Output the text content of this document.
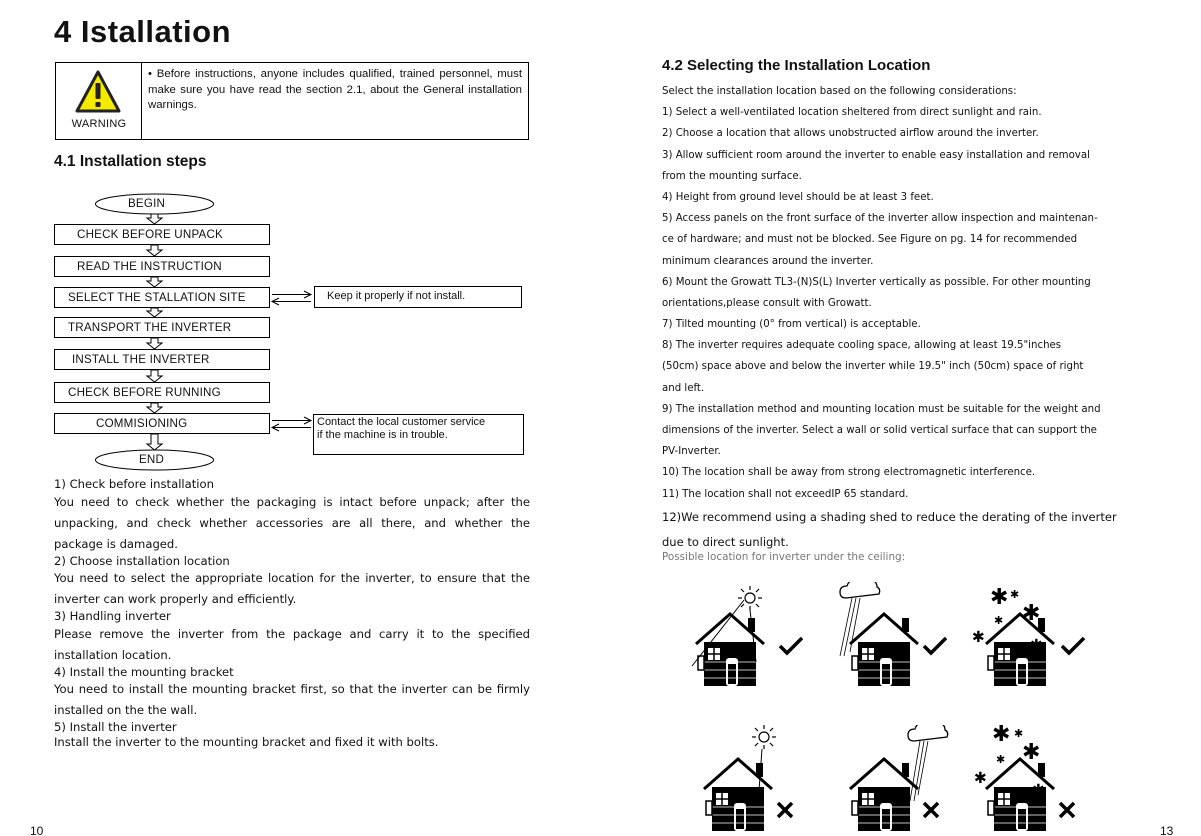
4 Istallation
WARNING
• Before instructions, anyone includes qualified, trained personnel, must make sure you have read the section 2.1, about the General installation warnings.
4.1 Installation steps
BEGIN
CHECK BEFORE UNPACK
READ THE INSTRUCTION
SELECT THE STALLATION SITE
TRANSPORT THE INVERTER
INSTALL THE INVERTER
CHECK BEFORE RUNNING
COMMISIONING
END
Keep it properly if not install.
Contact the local customer service
if the machine is in trouble.
1) Check before installation
You need to check whether the packaging is intact before unpack; after the unpacking, and check whether accessories are all there, and whether the package is damaged.
2) Choose installation location
You need to select the appropriate location for the inverter, to ensure that the inverter can work properly and efficiently.
3) Handling inverter
Please remove the inverter from the package and carry it to the specified installation location.
4) Install the mounting bracket
You need to install the mounting bracket first, so that the inverter can be firmly installed on the the wall.
5) Install the inverter
Install the inverter to the mounting bracket and fixed it with bolts.
10
4.2 Selecting the Installation Location
Select the installation location based on the following considerations:
1) Select a well-ventilated location sheltered from direct sunlight and rain.
2) Choose a location that allows unobstructed airflow around the inverter.
3) Allow sufficient room around the inverter to enable easy installation and removal
from the mounting surface.
4) Height from ground level should be at least 3 feet.
5) Access panels on the front surface of the inverter allow inspection and maintenan-
ce of hardware; and must not be blocked. See Figure on pg. 14 for recommended
minimum clearances around the inverter.
6) Mount the Growatt TL3-(N)S(L) Inverter vertically as possible. For other mounting
orientations,please consult with Growatt.
7) Tilted mounting (0° from vertical) is acceptable.
8) The inverter requires adequate cooling space, allowing at least 19.5"inches
(50cm) space above and below the inverter while 19.5" inch (50cm) space of right
and left.
9) The installation method and mounting location must be suitable for the weight and
dimensions of the inverter. Select a wall or solid vertical surface that can support the
PV-Inverter.
10) The location shall be away from strong electromagnetic interference.
11) The location shall not exceedIP 65 standard.
12)We recommend using a shading shed to reduce the derating of the inverter
due to direct sunlight.
Possible location for inverter under the ceiling:
13
